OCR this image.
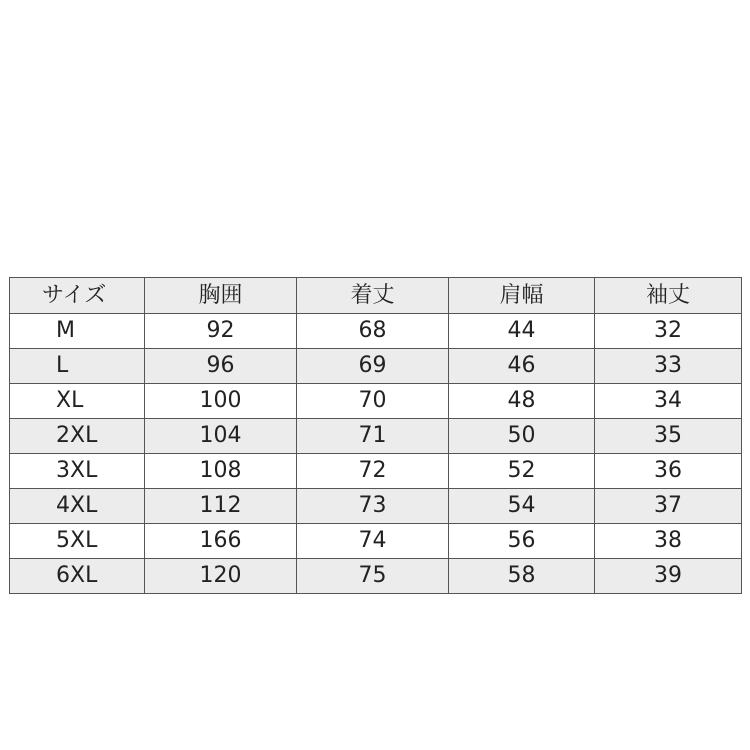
サイズ	胸囲	着丈	肩幅	袖丈
M	92	68	44	32
L	96	69	46	33
XL	100	70	48	34
2XL	104	71	50	35
3XL	108	72	52	36
4XL	112	73	54	37
5XL	166	74	56	38
6XL	120	75	58	39
